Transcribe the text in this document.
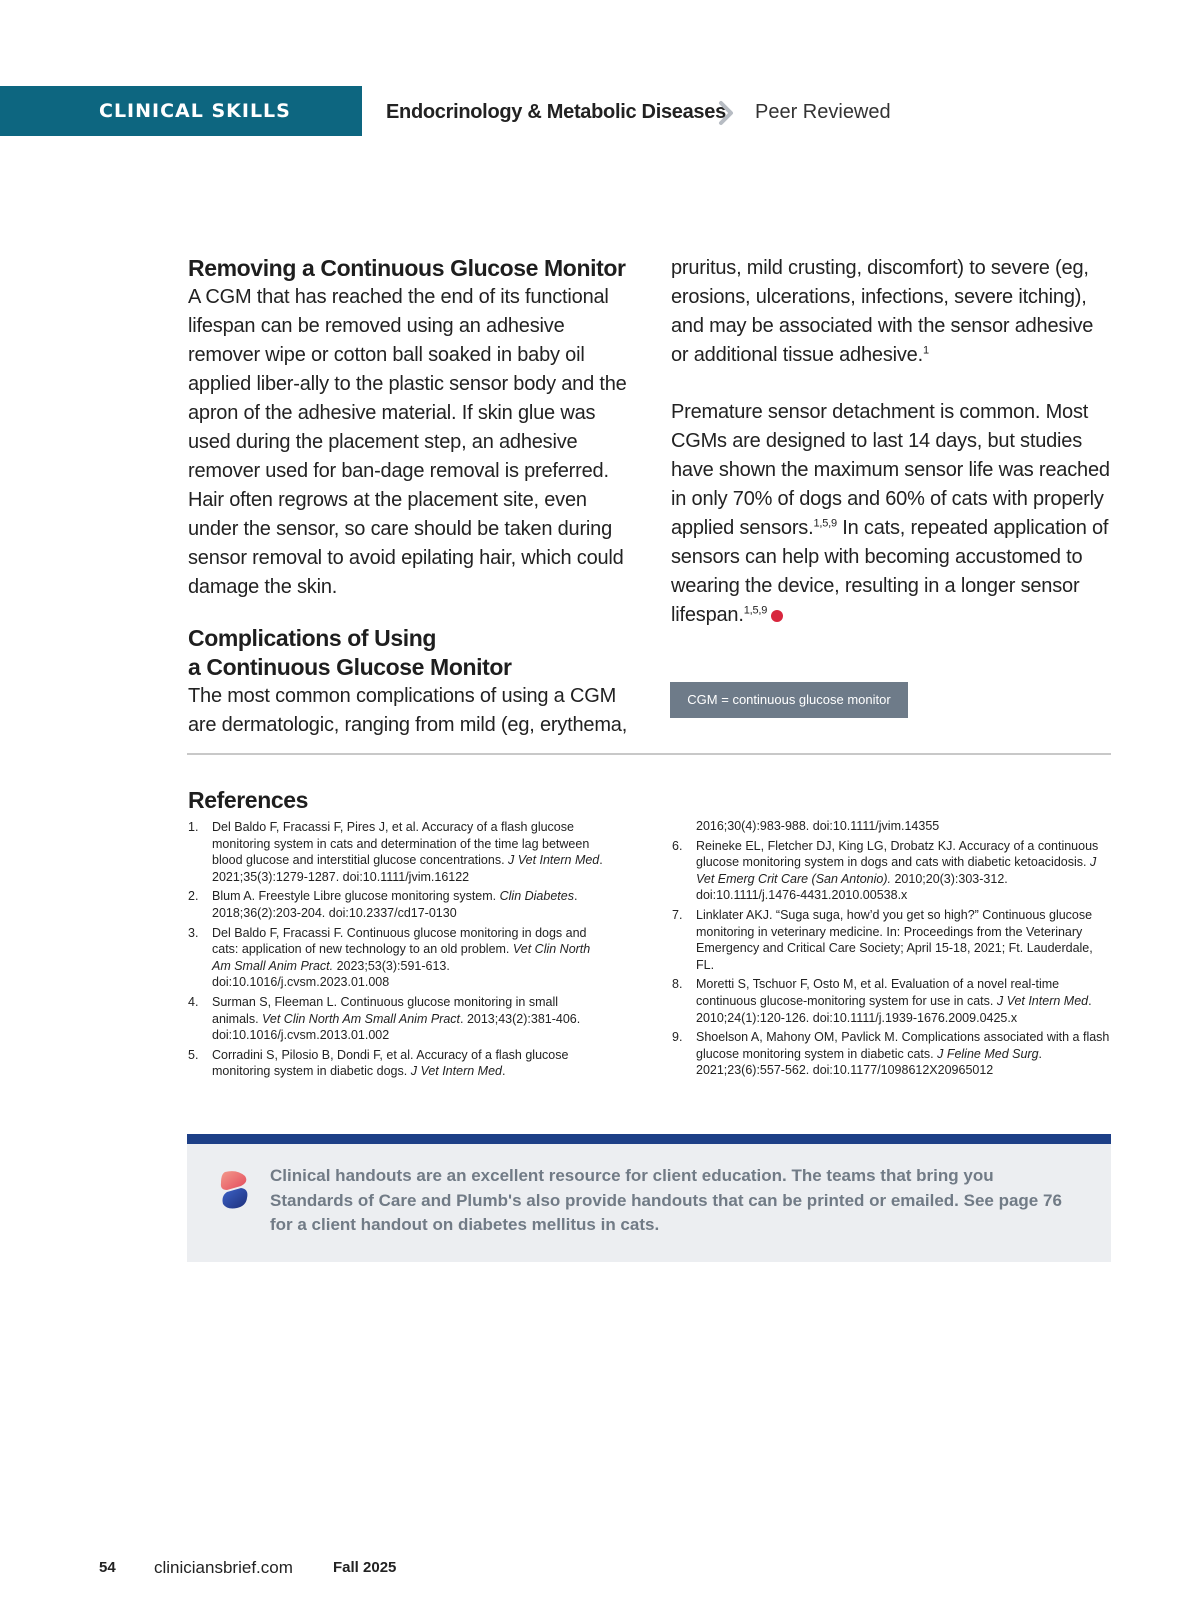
CLINICAL SKILLS	Endocrinology & Metabolic Diseases Peer Reviewed
Removing a Continuous Glucose Monitor

A CGM that has reached the end of its functional lifespan can be removed using an adhesive remover wipe or cotton ball soaked in baby oil applied liber-ally to the plastic sensor body and the apron of the adhesive material. If skin glue was used during the placement step, an adhesive remover used for ban-dage removal is preferred. Hair often regrows at the placement site, even under the sensor, so care should be taken during sensor removal to avoid epilating hair, which could damage the skin.

Complications of Using
a Continuous Glucose Monitor

The most common complications of using a CGM are dermatologic, ranging from mild (eg, erythema,

pruritus, mild crusting, discomfort) to severe (eg, erosions, ulcerations, infections, severe itching), and may be associated with the sensor adhesive or additional tissue adhesive.$^1$

Premature sensor detachment is common. Most CGMs are designed to last 14 days, but studies have shown the maximum sensor life was reached in only 70% of dogs and 60% of cats with properly applied sensors.$^{1,5,9}$ In cats, repeated application of sensors can help with becoming accustomed to wearing the device, resulting in a longer sensor lifespan.$^{1,5,9}$

CGM = continuous glucose monitor
References
1. Del Baldo F, Fracassi F, Pires J, et al. Accuracy of a flash glucose monitoring system in cats and determination of the time lag between blood glucose and interstitial glucose concentrations. J Vet Intern Med. 2021;35(3):1279-1287. doi:10.1111/jvim.16122
2. Blum A. Freestyle Libre glucose monitoring system. Clin Diabetes. 2018;36(2):203-204. doi:10.2337/cd17-0130
3. Del Baldo F, Fracassi F. Continuous glucose monitoring in dogs and cats: application of new technology to an old problem. Vet Clin North Am Small Anim Pract. 2023;53(3):591-613. doi:10.1016/j.cvsm.2023.01.008
4. Surman S, Fleeman L. Continuous glucose monitoring in small animals. Vet Clin North Am Small Anim Pract. 2013;43(2):381-406. doi:10.1016/j.cvsm.2013.01.002
5. Corradini S, Pilosio B, Dondi F, et al. Accuracy of a flash glucose monitoring system in diabetic dogs. J Vet Intern Med.
2016;30(4):983-988. doi:10.1111/jvim.14355
6. Reineke EL, Fletcher DJ, King LG, Drobatz KJ. Accuracy of a continuous glucose monitoring system in dogs and cats with diabetic ketoacidosis. J Vet Emerg Crit Care (San Antonio). 2010;20(3):303-312. doi:10.1111/j.1476-4431.2010.00538.x
7. Linklater AKJ. “Suga suga, how’d you get so high?” Continuous glucose monitoring in veterinary medicine. In: Proceedings from the Veterinary Emergency and Critical Care Society; April 15-18, 2021; Ft. Lauderdale, FL.
8. Moretti S, Tschuor F, Osto M, et al. Evaluation of a novel real-time continuous glucose-monitoring system for use in cats. J Vet Intern Med. 2010;24(1):120-126. doi:10.1111/j.1939-1676.2009.0425.x
9. Shoelson A, Mahony OM, Pavlick M. Complications associated with a flash glucose monitoring system in diabetic cats. J Feline Med Surg. 2021;23(6):557-562. doi:10.1177/1098612X20965012
Clinical handouts are an excellent resource for client education. The teams that bring you Standards of Care and Plumb's also provide handouts that can be printed or emailed. See page 76 for a client handout on diabetes mellitus in cats.
54 cliniciansbrief.com	Fall 2025
